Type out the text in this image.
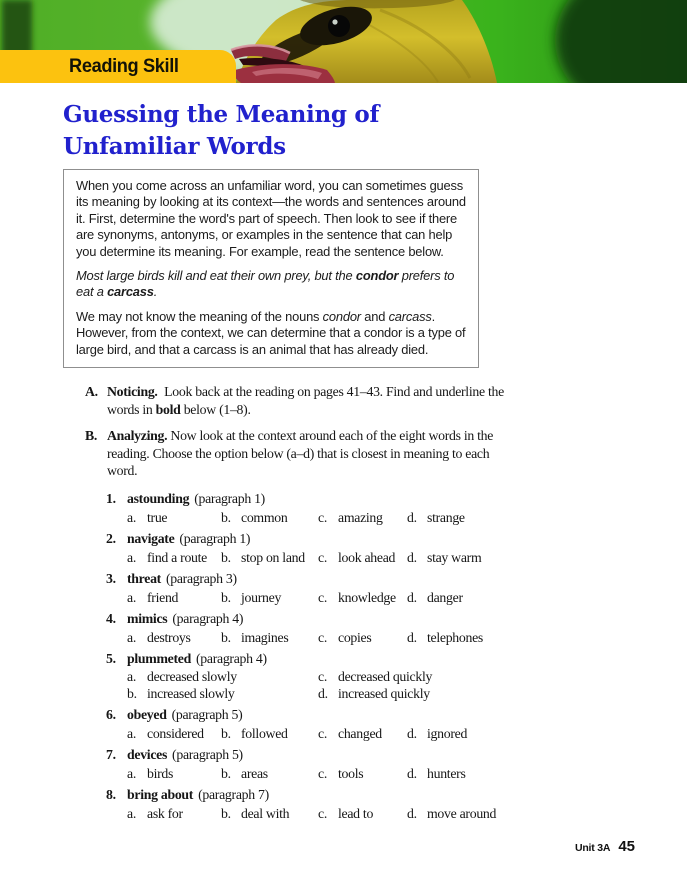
Reading Skill
Guessing the Meaning of
Unfamiliar Words

When you come across an unfamiliar word, you can sometimes guess its meaning by looking at its context—the words and sentences around it. First, determine the word's part of speech. Then look to see if there are synonyms, antonyms, or examples in the sentence that can help you determine its meaning. For example, read the sentence below.

Most large birds kill and eat their own prey, but the condor prefers to eat a carcass.

We may not know the meaning of the nouns condor and carcass. However, from the context, we can determine that a condor is a type of large bird, and that a carcass is an animal that has already died.

A. Noticing. Look back at the reading on pages 41–43. Find and underline the words in bold below (1–8).
B. Analyzing. Now look at the context around each of the eight words in the reading. Choose the option below (a–d) that is closest in meaning to each word.
1. astounding (paragraph 1)
a. true	b. common	c. amazing	d. strange
2. navigate (paragraph 1)
a. find a route	b. stop on land c. look ahead d. stay warm
3. threat (paragraph 3)
a. friend	b. journey	c. knowledge d. danger
4. mimics (paragraph 4)
a. destroys	b. imagines	c. copies	d. telephones
5. plummeted (paragraph 4)
a. decreased slowly	c. decreased quickly
b. increased slowly	d. increased quickly
6. obeyed (paragraph 5)
a. considered	b. followed	c. changed	d. ignored
7. devices (paragraph 5)
a. birds	b. areas	c. tools	d. hunters
8. bring about (paragraph 7)
a. ask for	b. deal with	c. lead to	d. move around
Unit 3A 45
